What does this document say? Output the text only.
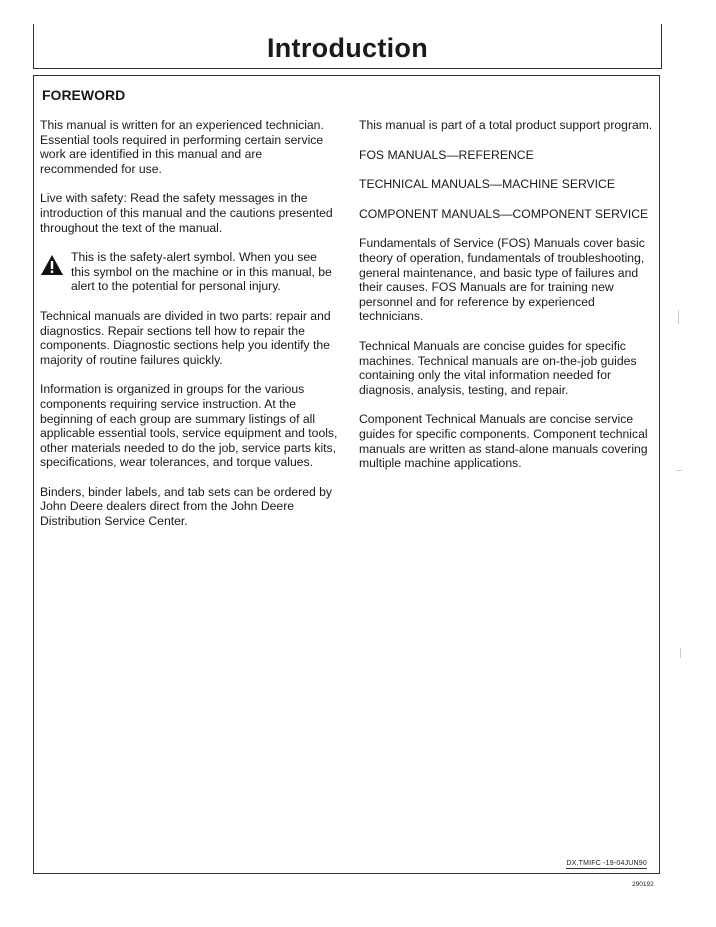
Introduction
FOREWORD

This manual is written for an experienced technician. Essential tools required in performing certain service work are identified in this manual and are recommended for use.

Live with safety: Read the safety messages in the introduction of this manual and the cautions presented throughout the text of the manual.

This is the safety-alert symbol. When you see this symbol on the machine or in this manual, be alert to the potential for personal injury.

Technical manuals are divided in two parts: repair and diagnostics. Repair sections tell how to repair the components. Diagnostic sections help you identify the majority of routine failures quickly.

Information is organized in groups for the various components requiring service instruction. At the beginning of each group are summary listings of all applicable essential tools, service equipment and tools, other materials needed to do the job, service parts kits, specifications, wear tolerances, and torque values.

Binders, binder labels, and tab sets can be ordered by John Deere dealers direct from the John Deere Distribution Service Center.

This manual is part of a total product support program.

FOS MANUALS—REFERENCE

TECHNICAL MANUALS—MACHINE SERVICE

COMPONENT MANUALS—COMPONENT SERVICE

Fundamentals of Service (FOS) Manuals cover basic theory of operation, fundamentals of troubleshooting, general maintenance, and basic type of failures and their causes. FOS Manuals are for training new personnel and for reference by experienced technicians.

Technical Manuals are concise guides for specific machines. Technical manuals are on-the-job guides containing only the vital information needed for diagnosis, analysis, testing, and repair.

Component Technical Manuals are concise service guides for specific components. Component technical manuals are written as stand-alone manuals covering multiple machine applications.

DX,TMIFC -19-04JUN90
290192
